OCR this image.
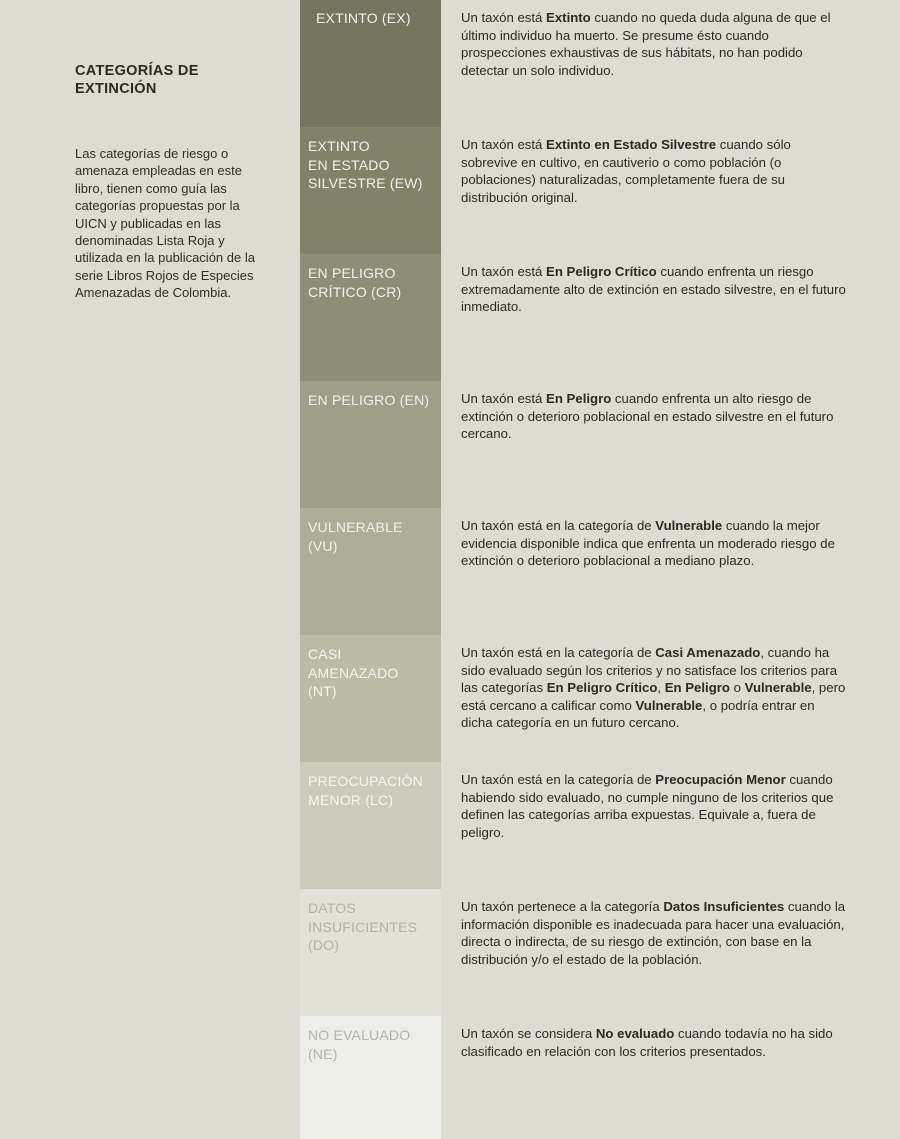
CATEGORÍAS DE EXTINCIÓN

Las categorías de riesgo o amenaza empleadas en este libro, tienen como guía las categorías propuestas por la UICN y publicadas en las denominadas Lista Roja y utilizada en la publicación de la serie Libros Rojos de Especies Amenazadas de Colombia.

EXTINTO (EX)
EXTINTO
EN ESTADO
SILVESTRE (EW)
EN PELIGRO
CRÍTICO (CR)
EN PELIGRO (EN)
VULNERABLE
(VU)
CASI
AMENAZADO
(NT)
PREOCUPACIÓN
MENOR (LC)
DATOS
INSUFICIENTES
(DO)
NO EVALUADO
(NE)
Un taxón está Extinto cuando no queda duda alguna de que el último individuo ha muerto. Se presume ésto cuando prospecciones exhaustivas de sus hábitats, no han podido detectar un solo individuo.
Un taxón está Extinto en Estado Silvestre cuando sólo sobrevive en cultivo, en cautiverio o como población (o poblaciones) naturalizadas, completamente fuera de su distribución original.
Un taxón está En Peligro Crítico cuando enfrenta un riesgo extremadamente alto de extinción en estado silvestre, en el futuro inmediato.
Un taxón está En Peligro cuando enfrenta un alto riesgo de extinción o deterioro poblacional en estado silvestre en el futuro cercano.
Un taxón está en la categoría de Vulnerable cuando la mejor evidencia disponible indica que enfrenta un moderado riesgo de extinción o deterioro poblacional a mediano plazo.
Un taxón está en la categoría de Casi Amenazado, cuando ha sido evaluado según los criterios y no satisface los criterios para las categorías En Peligro Crítico, En Peligro o Vulnerable, pero está cercano a calificar como Vulnerable, o podría entrar en dicha categoría en un futuro cercano.
Un taxón está en la categoría de Preocupación Menor cuando habiendo sido evaluado, no cumple ninguno de los criterios que definen las categorías arriba expuestas. Equivale a, fuera de peligro.
Un taxón pertenece a la categoría Datos Insuficientes cuando la información disponible es inadecuada para hacer una evaluación, directa o indirecta, de su riesgo de extinción, con base en la distribución y/o el estado de la población.
Un taxón se considera No evaluado cuando todavía no ha sido clasificado en relación con los criterios presentados.
